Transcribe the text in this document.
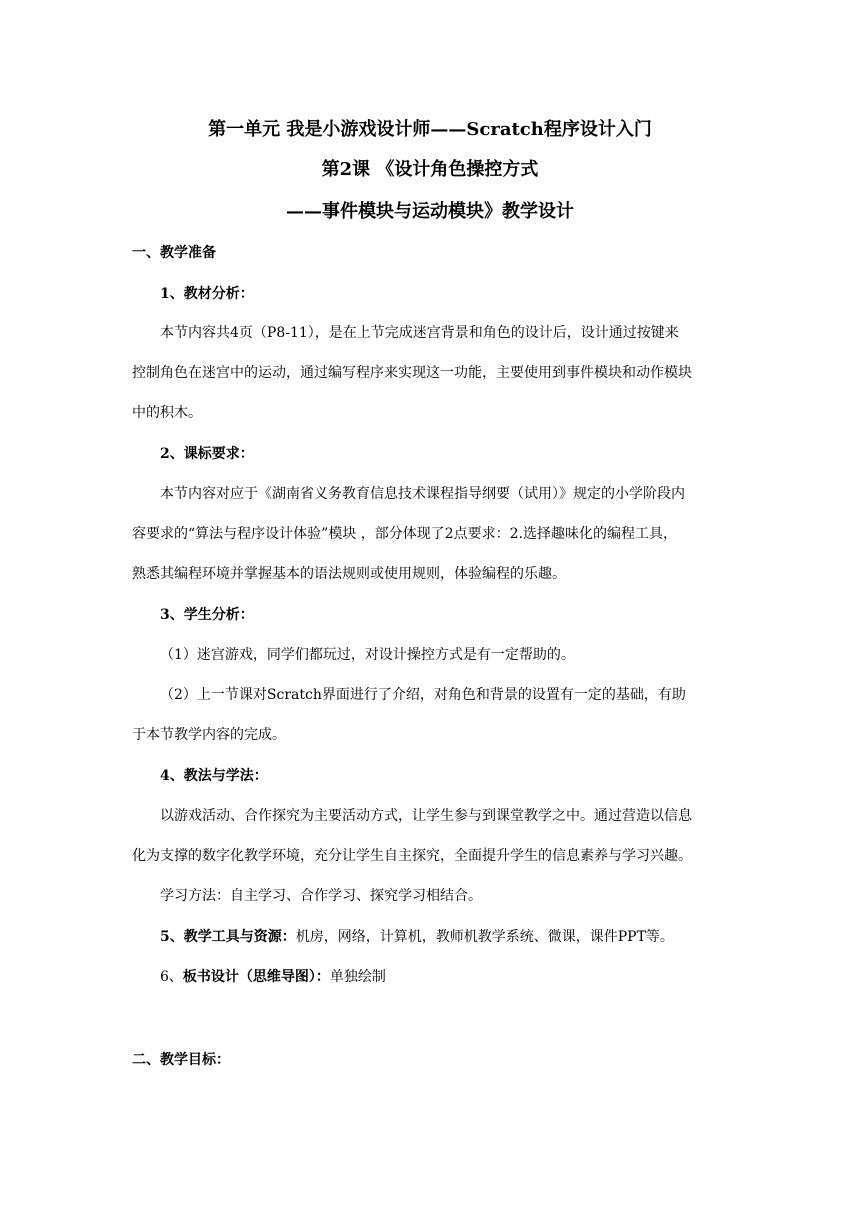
第一单元 我是小游戏设计师——Scratch程序设计入门
第2课 《设计角色操控方式
——事件模块与运动模块》教学设计
一、教学准备
1、教材分析：
本节内容共4页（P8-11），是在上节完成迷宫背景和角色的设计后，设计通过按键来
控制角色在迷宫中的运动，通过编写程序来实现这一功能，主要使用到事件模块和动作模块
中的积木。
2、课标要求：
本节内容对应于《湖南省义务教育信息技术课程指导纲要（试用）》规定的小学阶段内
容要求的“算法与程序设计体验”模块 ，部分体现了2点要求：2.选择趣味化的编程工具，
熟悉其编程环境并掌握基本的语法规则或使用规则，体验编程的乐趣。
3、学生分析：
（1）迷宫游戏，同学们都玩过，对设计操控方式是有一定帮助的。
（2）上一节课对Scratch界面进行了介绍，对角色和背景的设置有一定的基础，有助
于本节教学内容的完成。
4、教法与学法：
以游戏活动、合作探究为主要活动方式，让学生参与到课堂教学之中。通过营造以信息
化为支撑的数字化教学环境，充分让学生自主探究，全面提升学生的信息素养与学习兴趣。
学习方法：自主学习、合作学习、探究学习相结合。
5、教学工具与资源：机房，网络，计算机，教师机教学系统、微课，课件PPT等。
6、板书设计（思维导图）：单独绘制
二、教学目标：
